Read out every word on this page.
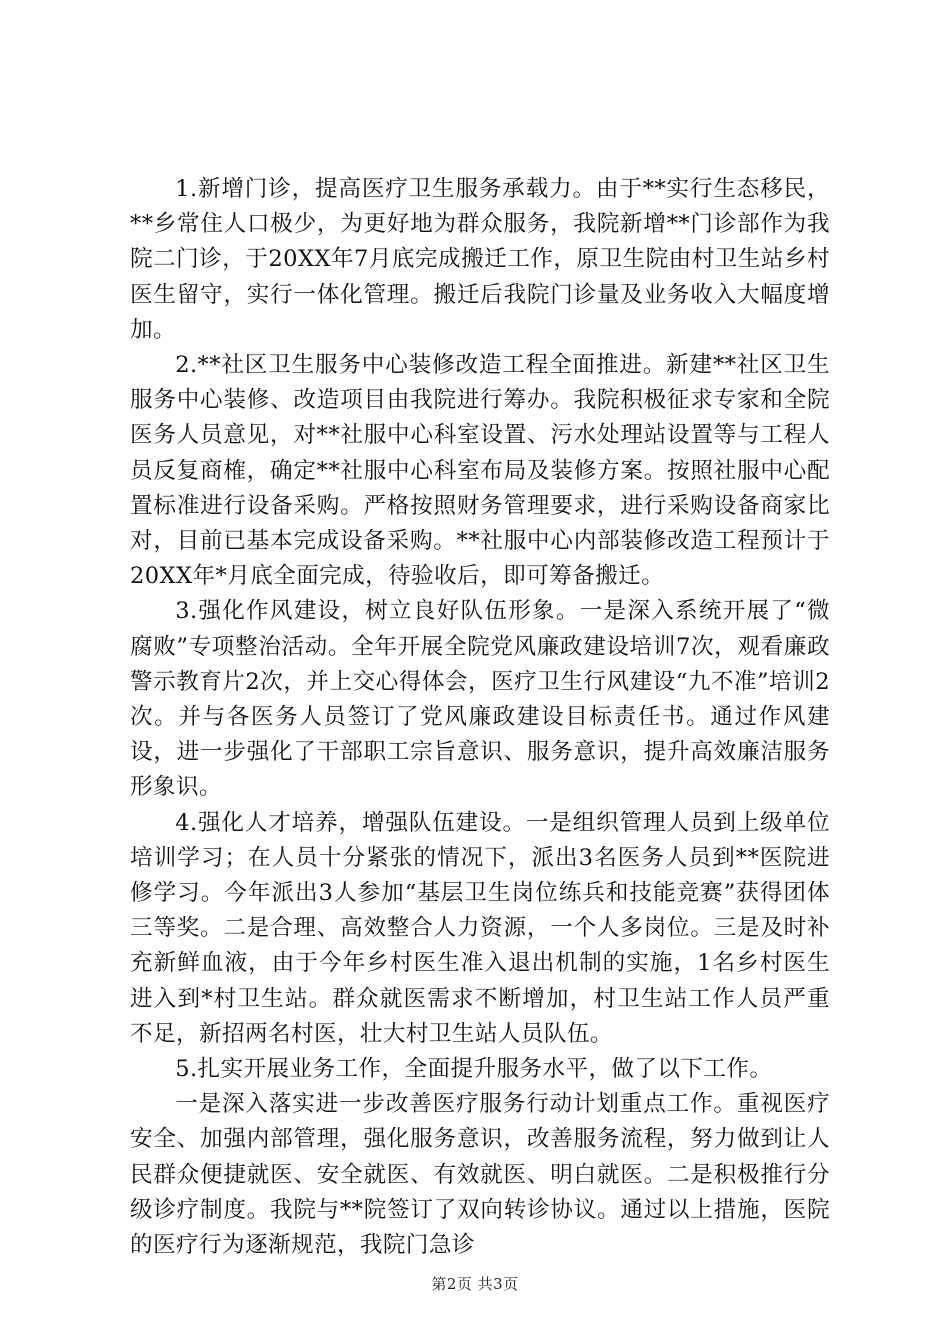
1.新增门诊，提高医疗卫生服务承载力。由于**实行生态移民，**乡常住人口极少，为更好地为群众服务，我院新增**门诊部作为我院二门诊，于20XX年7月底完成搬迁工作，原卫生院由村卫生站乡村医生留守，实行一体化管理。搬迁后我院门诊量及业务收入大幅度增加。

2.**社区卫生服务中心装修改造工程全面推进。新建**社区卫生服务中心装修、改造项目由我院进行筹办。我院积极征求专家和全院医务人员意见，对**社服中心科室设置、污水处理站设置等与工程人员反复商榷，确定**社服中心科室布局及装修方案。按照社服中心配置标准进行设备采购。严格按照财务管理要求，进行采购设备商家比对，目前已基本完成设备采购。**社服中心内部装修改造工程预计于20XX年*月底全面完成，待验收后，即可筹备搬迁。

3.强化作风建设，树立良好队伍形象。一是深入系统开展了“微腐败”专项整治活动。全年开展全院党风廉政建设培训7次，观看廉政警示教育片2次，并上交心得体会，医疗卫生行风建设“九不准”培训2次。并与各医务人员签订了党风廉政建设目标责任书。通过作风建设，进一步强化了干部职工宗旨意识、服务意识，提升高效廉洁服务形象识。

4.强化人才培养，增强队伍建设。一是组织管理人员到上级单位培训学习；在人员十分紧张的情况下，派出3名医务人员到**医院进修学习。今年派出3人参加“基层卫生岗位练兵和技能竞赛”获得团体三等奖。二是合理、高效整合人力资源，一个人多岗位。三是及时补充新鲜血液，由于今年乡村医生准入退出机制的实施，1名乡村医生进入到*村卫生站。群众就医需求不断增加，村卫生站工作人员严重不足，新招两名村医，壮大村卫生站人员队伍。

5.扎实开展业务工作，全面提升服务水平，做了以下工作。

一是深入落实进一步改善医疗服务行动计划重点工作。重视医疗安全、加强内部管理，强化服务意识，改善服务流程，努力做到让人民群众便捷就医、安全就医、有效就医、明白就医。二是积极推行分级诊疗制度。我院与**院签订了双向转诊协议。通过以上措施，医院的医疗行为逐渐规范，我院门急诊

第2页 共3页
